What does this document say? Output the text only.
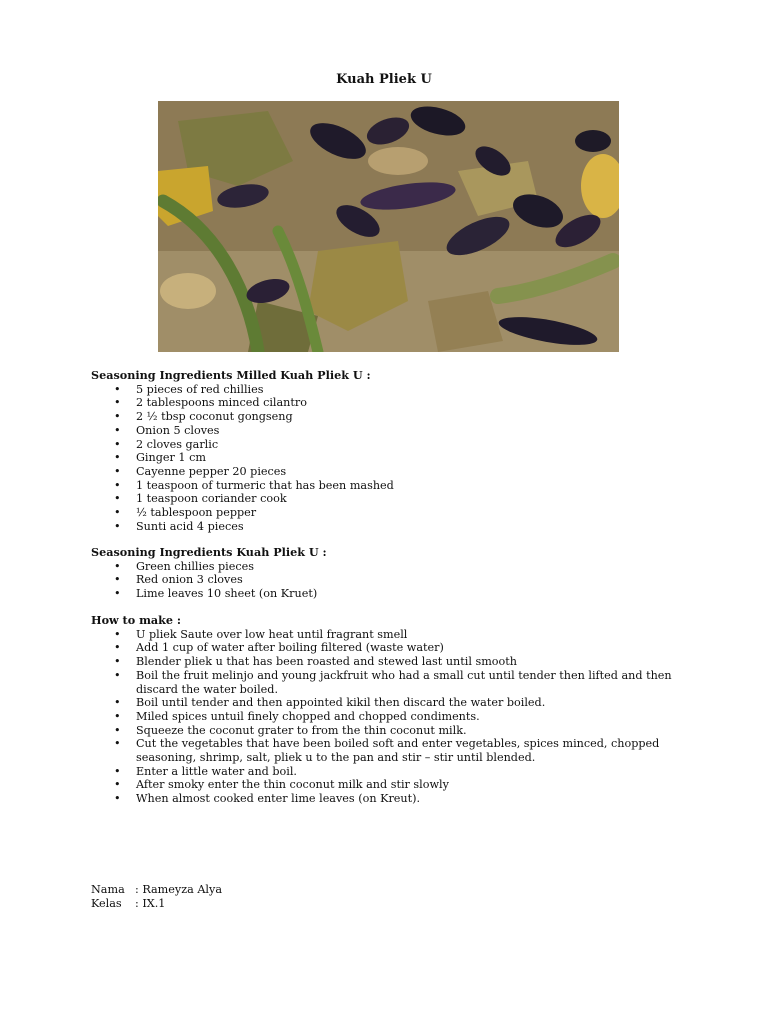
Kuah Pliek U
Seasoning Ingredients Milled Kuah Pliek U :
• 5 pieces of red chillies
• 2 tablespoons minced cilantro
• 2 ½ tbsp coconut gongseng
• Onion 5 cloves
• 2 cloves garlic
• Ginger 1 cm
• Cayenne pepper 20 pieces
• 1 teaspoon of turmeric that has been mashed
• 1 teaspoon coriander cook
• ½ tablespoon pepper
• Sunti acid 4 pieces
Seasoning Ingredients Kuah Pliek U :
• Green chillies pieces
• Red onion 3 cloves
• Lime leaves 10 sheet (on Kruet)
How to make :
• U pliek Saute over low heat until fragrant smell
• Add 1 cup of water after boiling filtered (waste water)
• Blender pliek u that has been roasted and stewed last until smooth
• Boil the fruit melinjo and young jackfruit who had a small cut until tender then lifted and then discard the water boiled.
• Boil until tender and then appointed kikil then discard the water boiled.
• Miled spices untuil finely chopped and chopped condiments.
• Squeeze the coconut grater to from the thin coconut milk.
• Cut the vegetables that have been boiled soft and enter vegetables, spices minced, chopped seasoning, shrimp, salt, pliek u to the pan and stir – stir until blended.
• Enter a little water and boil.
• After smoky enter the thin coconut milk and stir slowly
• When almost cooked enter lime leaves (on Kreut).
Nama : Rameyza Alya
Kelas : IX.1
